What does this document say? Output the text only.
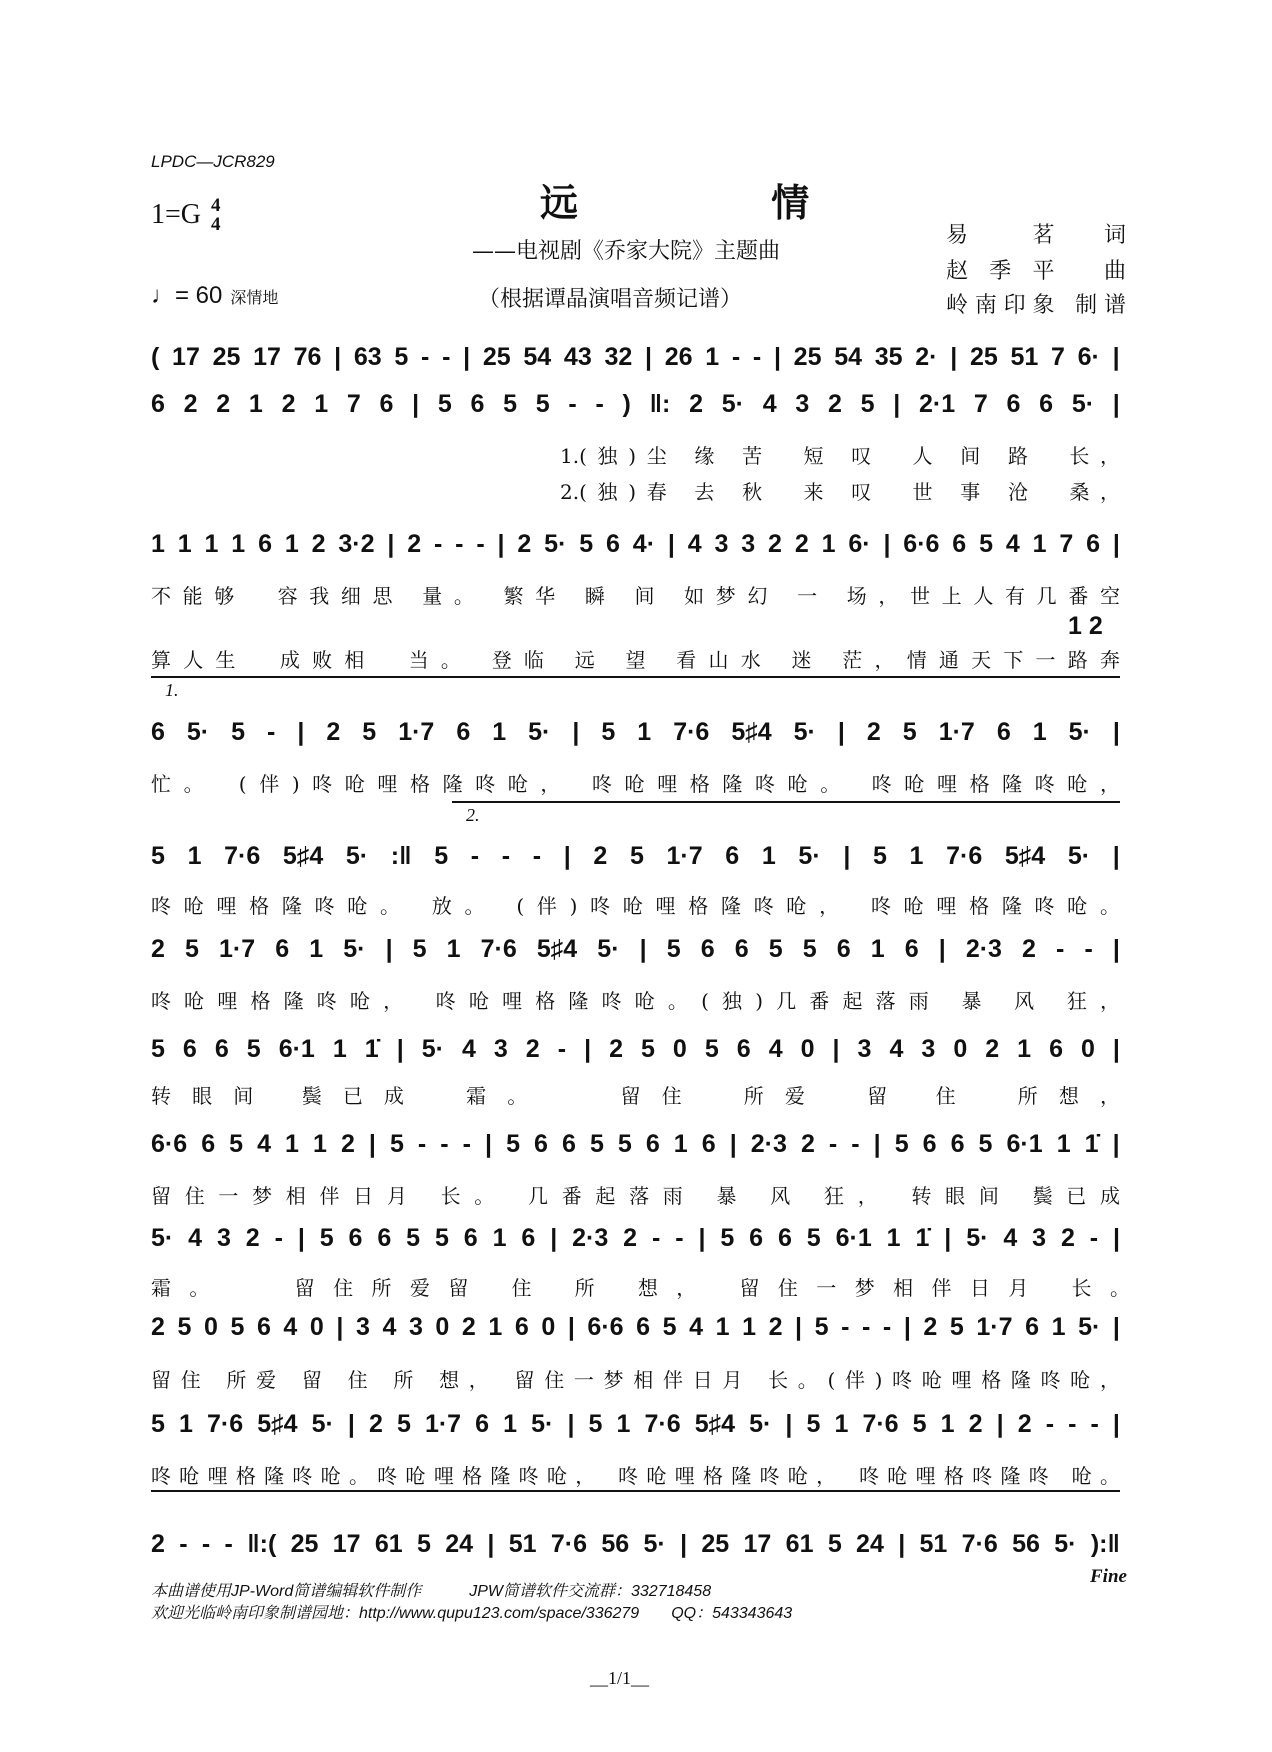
LPDC—JCR829
远 情
1=G 4
4
——电视剧《乔家大院》主题曲
（根据谭晶演唱音频记谱）
♩= 60 深情地
易　茗 词
赵季平 曲
岭南印象 制谱
( 17 25 17 76 | 63 5 - - | 25 54 43 32 | 26 1 - - | 25 54 35 2· | 25 51 7 6· |
6 2 2 1 2 1 7 6 | 5 6 5 5 - - ) ‖: 2 5· 4 3 2 5 | 2·1 7 6 6 5· |
1.(独)尘 缘 苦　短 叹　人 间 路　长，
2.(独)春 去 秋　来 叹　世 事 沧　桑，
1 1 1 1 6 1 2 3·2 | 2 - - - | 2 5· 5 6 4· | 4 3 3 2 2 1 6· | 6·6 6 5 4 1 7 6 |
不能够　容我细思 量。 繁华 瞬 间 如梦幻 一 场，世上人有几番空
算人生　成败相　当。 登临 远 望 看山水 迷 茫，情通天下一路奔
1 2
6 5· 5 - | 2 5 1·7 6 1 5· | 5 1 7·6 5♯4 5· | 2 5 1·7 6 1 5· |
忙。　(伴)咚呛哩格隆咚呛， 咚呛哩格隆咚呛。 咚呛哩格隆咚呛，
1.
5 1 7·6 5♯4 5· :‖ 5 - - - | 2 5 1·7 6 1 5· | 5 1 7·6 5♯4 5· |
咚呛哩格隆咚呛。 放。 (伴)咚呛哩格隆咚呛， 咚呛哩格隆咚呛。
2.
2 5 1·7 6 1 5· | 5 1 7·6 5♯4 5· | 5 6 6 5 5 6 1 6 | 2·3 2 - - |
咚呛哩格隆咚呛， 咚呛哩格隆咚呛。(独)几番起落雨 暴 风 狂，
5 6 6 5 6·1 1 1̇ | 5· 4 3 2 - | 2 5 0 5 6 4 0 | 3 4 3 0 2 1 6 0 |
转眼间 鬓已成　霜。　　留住　所爱　留 住　所想，
6·6 6 5 4 1 1 2 | 5 - - - | 5 6 6 5 5 6 1 6 | 2·3 2 - - | 5 6 6 5 6·1 1 1̇ |
留住一梦相伴日月 长。 几番起落雨 暴 风 狂， 转眼间 鬓已成
5· 4 3 2 - | 5 6 6 5 5 6 1 6 | 2·3 2 - - | 5 6 6 5 6·1 1 1̇ | 5· 4 3 2 - |
霜。　　留住所爱留 住 所 想， 留住一梦相伴日月 长。　　　　
2 5 0 5 6 4 0 | 3 4 3 0 2 1 6 0 | 6·6 6 5 4 1 1 2 | 5 - - - | 2 5 1·7 6 1 5· |
留住 所爱 留 住 所 想， 留住一梦相伴日月 长。(伴)咚呛哩格隆咚呛，
5 1 7·6 5♯4 5· | 2 5 1·7 6 1 5· | 5 1 7·6 5♯4 5· | 5 1 7·6 5 1 2 | 2 - - - |
咚呛哩格隆咚呛。咚呛哩格隆咚呛， 咚呛哩格隆咚呛， 咚呛哩格咚隆咚 呛。
2 - - - ‖:( 25 17 61 5 24 | 51 7·6 56 5· | 25 17 61 5 24 | 51 7·6 56 5· ):‖
Fine
本曲谱使用JP-Word简谱编辑软件制作　　　JPW简谱软件交流群：332718458
欢迎光临岭南印象制谱园地：http://www.qupu123.com/space/336279　　QQ：543343643
__1/1__
